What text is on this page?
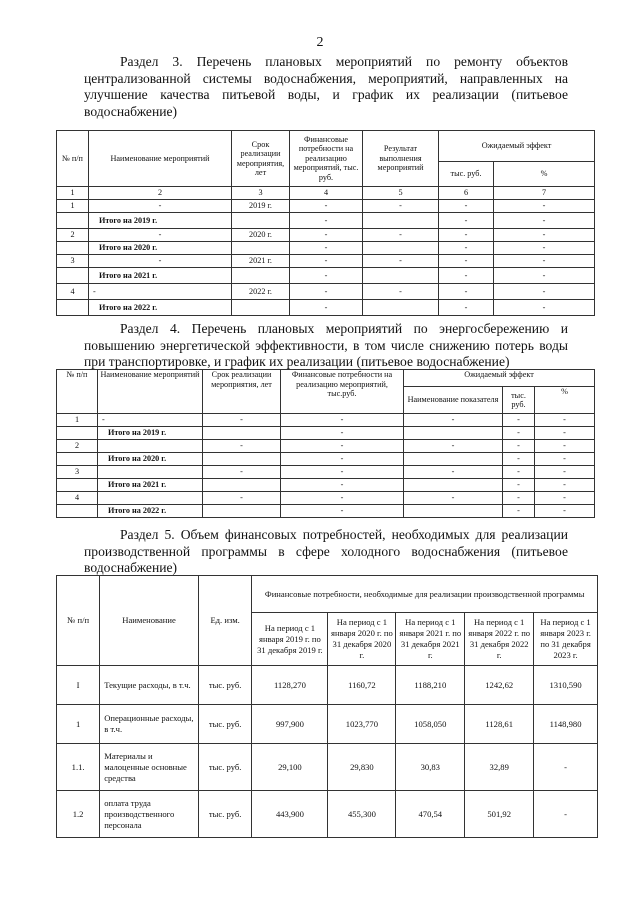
2

Раздел 3. Перечень плановых мероприятий по ремонту объектов централизованной системы водоснабжения, мероприятий, направленных на улучшение качества питьевой воды, и график их реализации (питьевое водоснабжение)

№ п/п	Наименование мероприятий	Срок реализации мероприятия, лет	Финансовые потребности на реализацию мероприятий, тыс. руб.	Результат выполнения мероприятий	Ожидаемый эффект	
					тыс. руб.	%
1	2	3	4	5	6	7
1	-	2019 г.	-	-	-	-
	Итого на 2019 г.		-		-	-
2	-	2020 г.	-	-	-	-
	Итого на 2020 г.		-		-	-
3	-	2021 г.	-	-	-	-
	Итого на 2021 г.		-		-	-
4	-	2022 г.	-	-	-	-
	Итого на 2022 г.		-		-	-

Раздел 4. Перечень плановых мероприятий по энергосбережению и повышению энергетической эффективности, в том числе снижению потерь воды при транспортировке, и график их реализации (питьевое водоснабжение)

№ п/п	Наименование мероприятий	Срок реализации мероприятия, лет	Финансовые потребности на реализацию мероприятий, тыс.руб.	Ожидаемый эффект		
				Наименование показателя	тыс. руб.	%
1	-	-	-	-	-	-
	Итого на 2019 г.		-		-	-
2		-	-	-	-	-
	Итого на 2020 г.		-		-	-
3		-	-	-	-	-
	Итого на 2021 г.		-		-	-
4		-	-	-	-	-
	Итого на 2022 г.		-		-	-

Раздел 5. Объем финансовых потребностей, необходимых для реализации производственной программы в сфере холодного водоснабжения (питьевое водоснабжение)

№ п/п	Наименование	Ед. изм.	Финансовые потребности, необходимые для реализации производственной программы				
			На период с 1 января 2019 г. по 31 декабря 2019 г.	На период с 1 января 2020 г. по 31 декабря 2020 г.	На период с 1 января 2021 г. по 31 декабря 2021 г.	На период с 1 января 2022 г. по 31 декабря 2022 г.	На период с 1 января 2023 г. по 31 декабря 2023 г.
I	Текущие расходы, в т.ч.	тыс. руб.	1128,270	1160,72	1188,210	1242,62	1310,590
1	Операционные расходы, в т.ч.	тыс. руб.	997,900	1023,770	1058,050	1128,61	1148,980
1.1.	Материалы и малоценные основные средства	тыс. руб.	29,100	29,830	30,83	32,89	-
1.2	оплата труда производственного персонала	тыс. руб.	443,900	455,300	470,54	501,92	-
